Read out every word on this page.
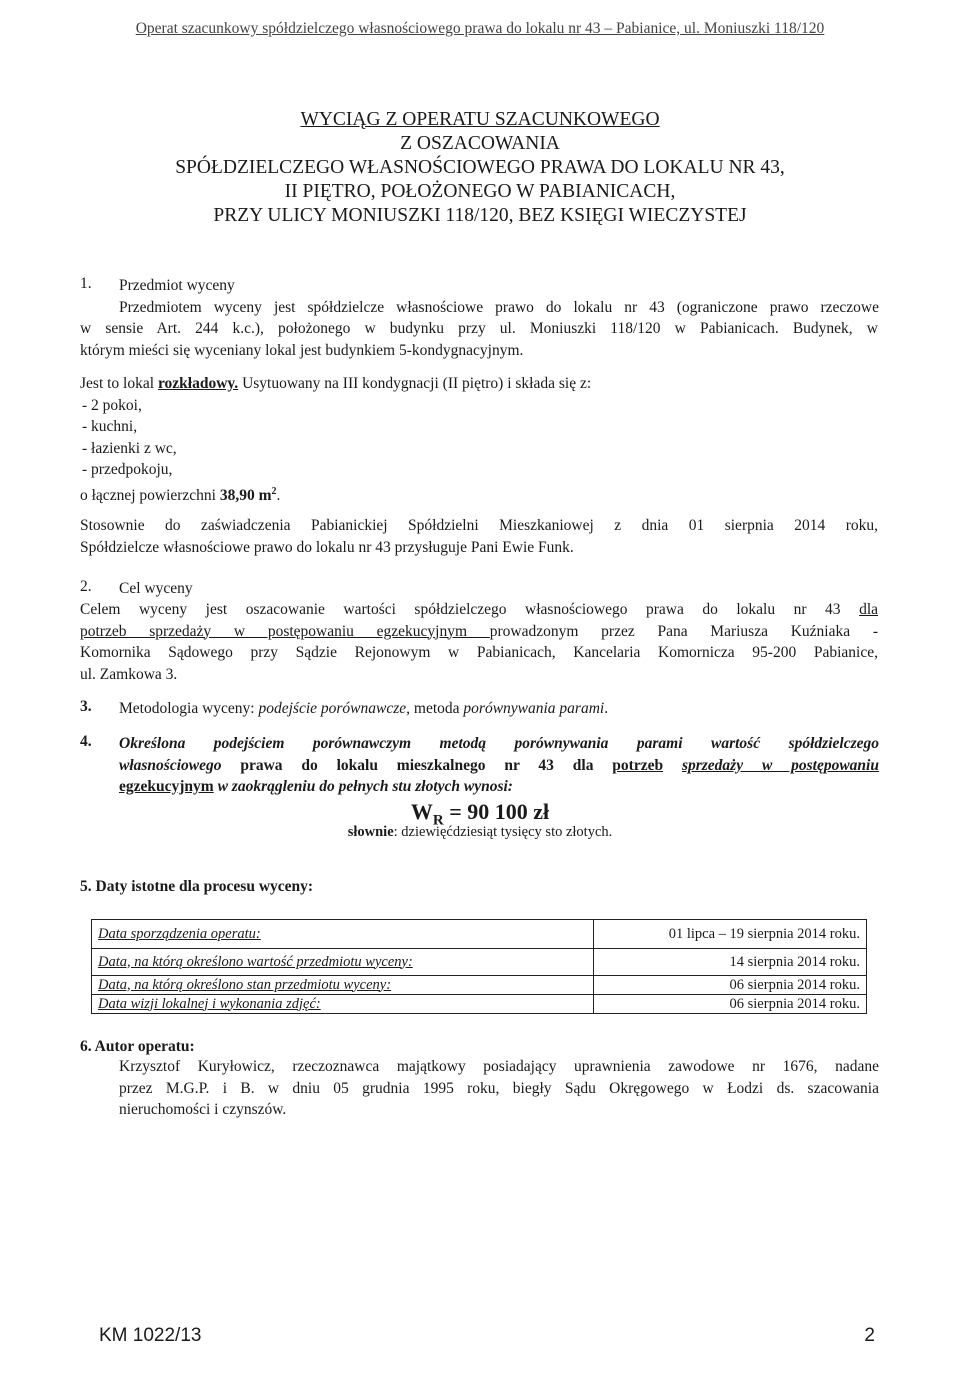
Operat szacunkowy spółdzielczego własnościowego prawa do lokalu nr 43 – Pabianice, ul. Moniuszki 118/120
WYCIĄG Z OPERATU SZACUNKOWEGO
Z OSZACOWANIA
SPÓŁDZIELCZEGO WŁASNOŚCIOWEGO PRAWA DO LOKALU NR 43,
II PIĘTRO, POŁOŻONEGO W PABIANICACH,
PRZY ULICY MONIUSZKI 118/120, BEZ KSIĘGI WIECZYSTEJ
1. Przedmiot wyceny
Przedmiotem wyceny jest spółdzielcze własnościowe prawo do lokalu nr 43 (ograniczone prawo rzeczowe
w sensie Art. 244 k.c.), położonego w budynku przy ul. Moniuszki 118/120 w Pabianicach. Budynek, w
którym mieści się wyceniany lokal jest budynkiem 5-kondygnacyjnym.
Jest to lokal rozkładowy. Usytuowany na III kondygnacji (II piętro) i składa się z:
- 2 pokoi,
- kuchni,
- łazienki z wc,
- przedpokoju,
o łącznej powierzchni 38,90 $m^2$.
Stosownie do zaświadczenia Pabianickiej Spółdzielni Mieszkaniowej z dnia 01 sierpnia 2014 roku,
Spółdzielcze własnościowe prawo do lokalu nr 43 przysługuje Pani Ewie Funk.
2. Cel wyceny
Celem wyceny jest oszacowanie wartości spółdzielczego własnościowego prawa do lokalu nr 43 dla
potrzeb sprzedaży w postępowaniu egzekucyjnym prowadzonym przez Pana Mariusza Kuźniaka -
Komornika Sądowego przy Sądzie Rejonowym w Pabianicach, Kancelaria Komornicza 95-200 Pabianice,
ul. Zamkowa 3.
3. Metodologia wyceny: podejście porównawcze, metoda porównywania parami.
4. Określona podejściem porównawczym metodą porównywania parami wartość spółdzielczego
własnościowego prawa do lokalu mieszkalnego nr 43 dla potrzeb sprzedaży w postępowaniu
egzekucyjnym w zaokrągleniu do pełnych stu złotych wynosi:
$W_R = 90$ 100 zł
słownie: dziewięćdziesiąt tysięcy sto złotych.
5. Daty istotne dla procesu wyceny:
Data sporządzenia operatu:	01 lipca – 19 sierpnia 2014 roku.
Data, na którą określono wartość przedmiotu wyceny:	14 sierpnia 2014 roku.
Data, na którą określono stan przedmiotu wyceny:	06 sierpnia 2014 roku.
Data wizji lokalnej i wykonania zdjęć:	06 sierpnia 2014 roku.
6. Autor operatu:
Krzysztof Kuryłowicz, rzeczoznawca majątkowy posiadający uprawnienia zawodowe nr 1676, nadane
przez M.G.P. i B. w dniu 05 grudnia 1995 roku, biegły Sądu Okręgowego w Łodzi ds. szacowania
nieruchomości i czynszów.
KM 1022/13	2
